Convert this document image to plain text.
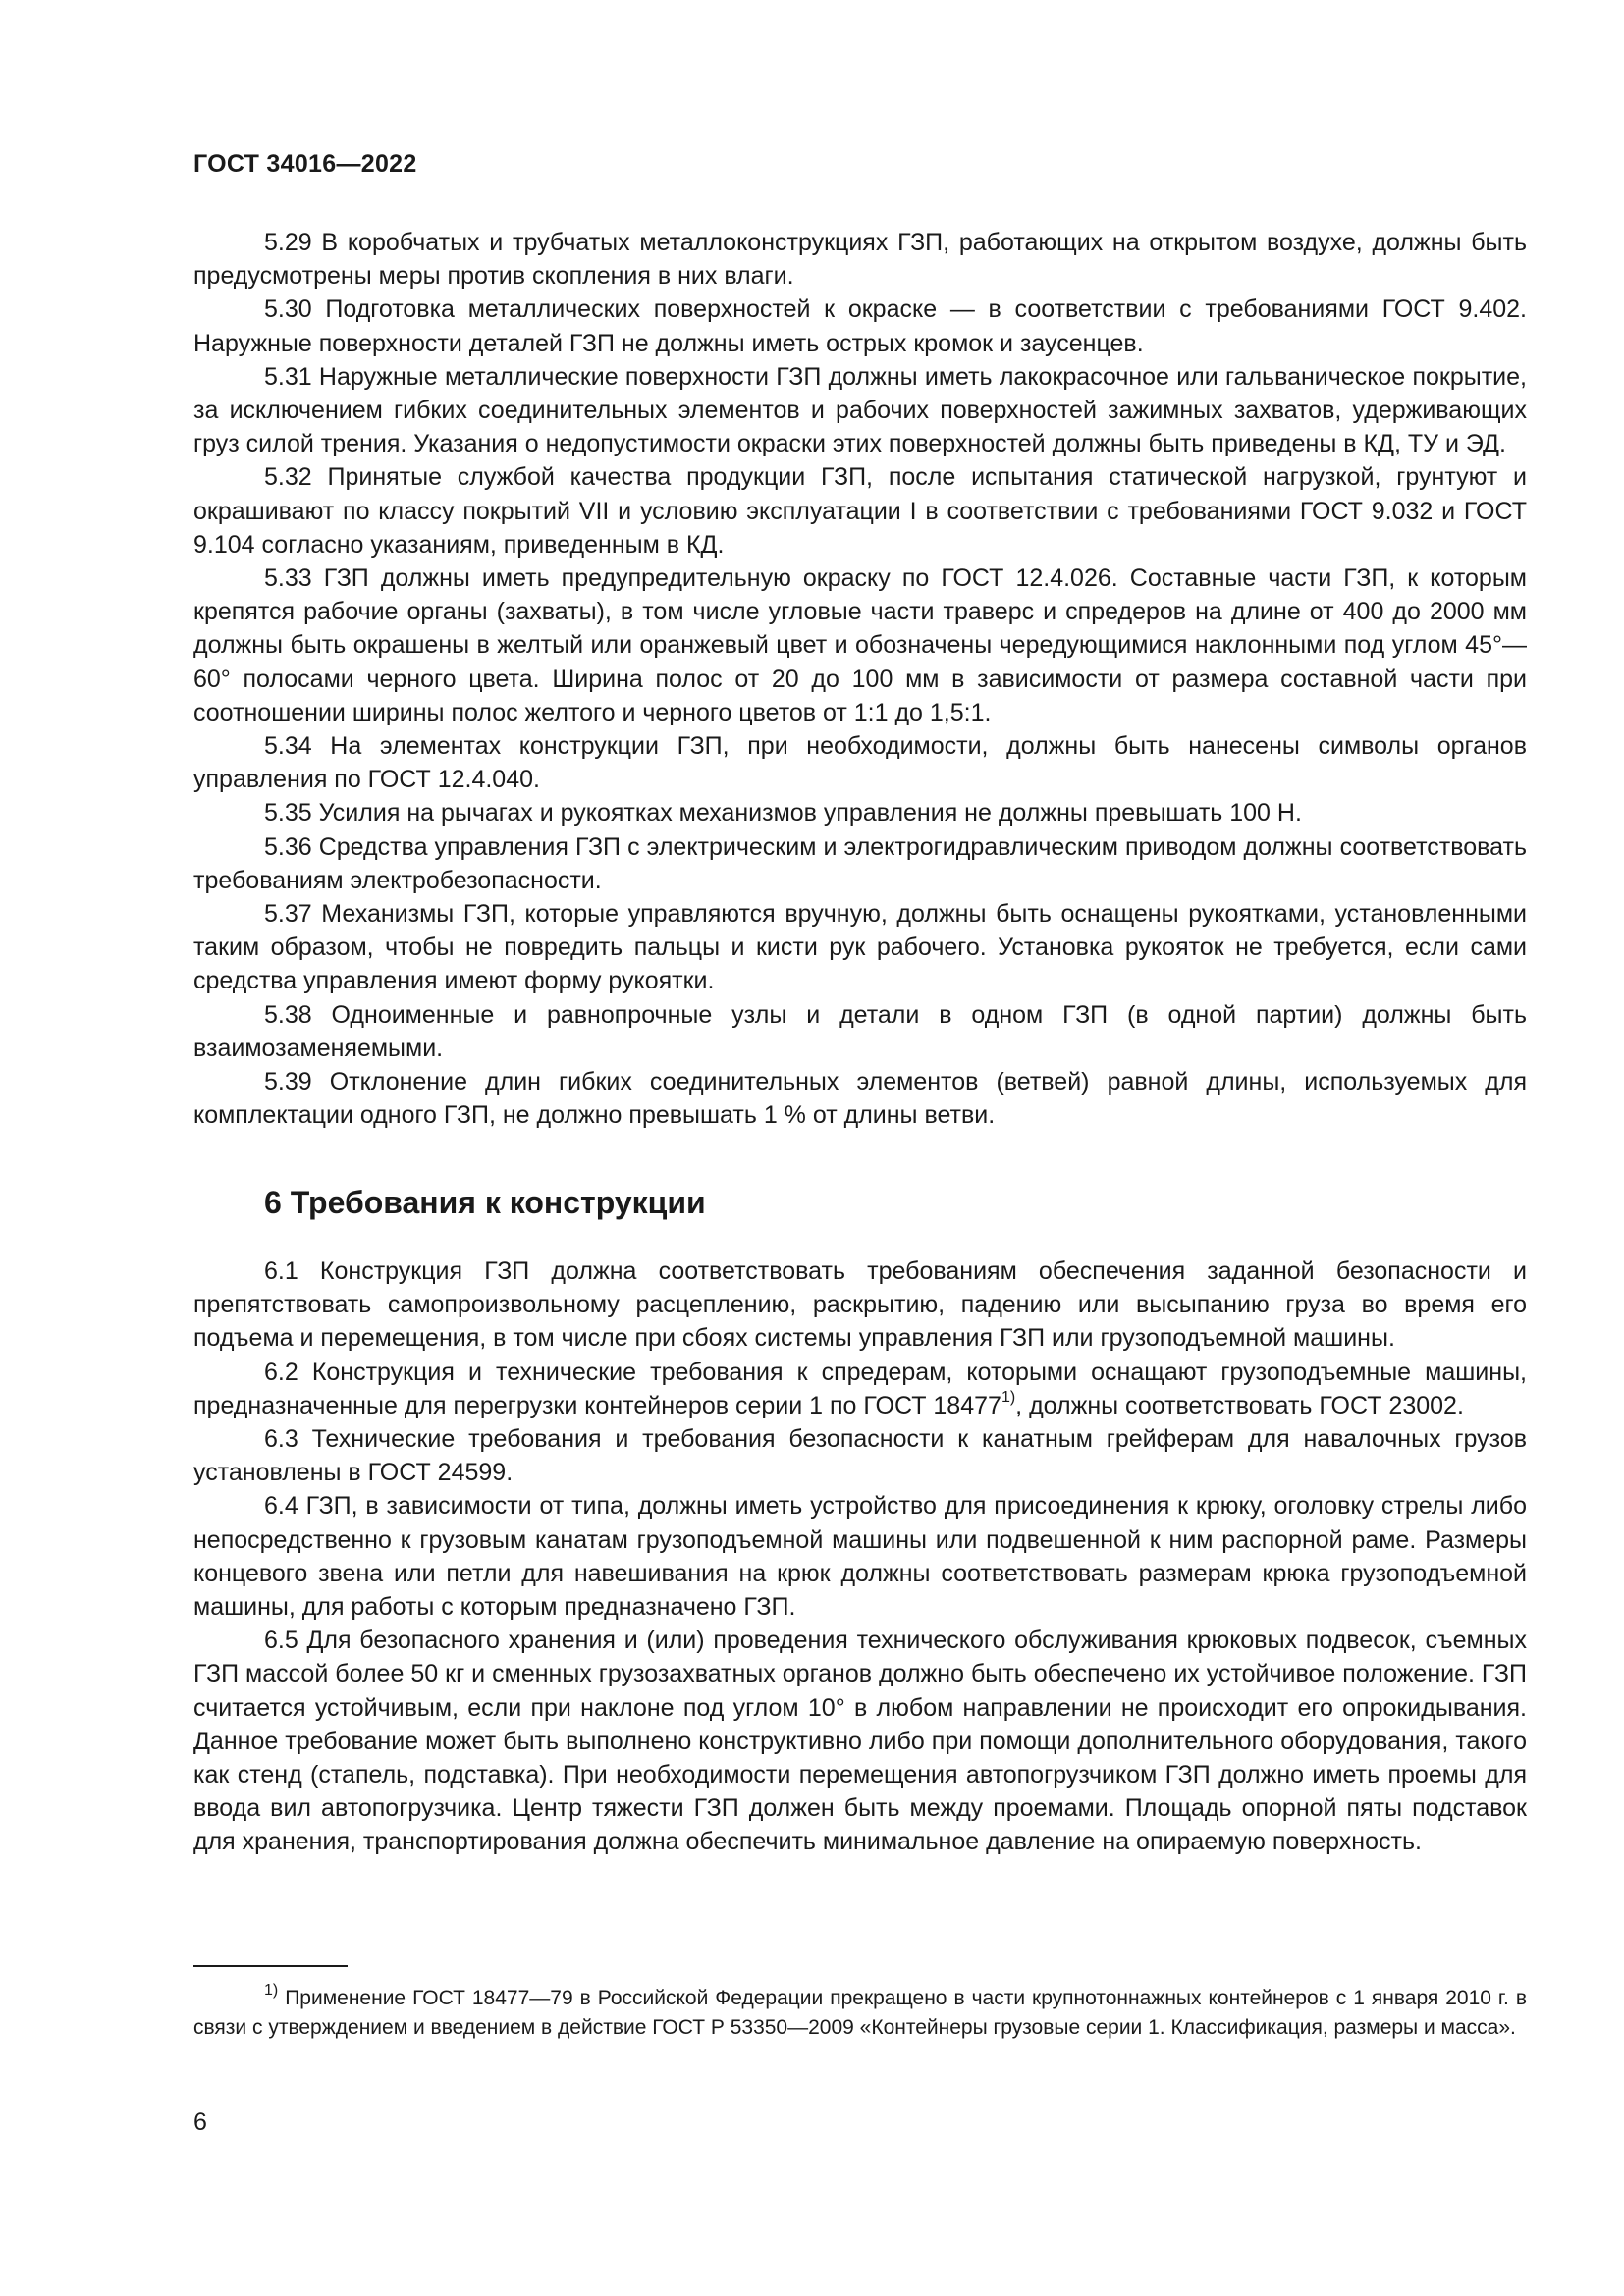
ГОСТ 34016—2022

5.29 В коробчатых и трубчатых металлоконструкциях ГЗП, работающих на открытом воздухе, должны быть предусмотрены меры против скопления в них влаги.

5.30 Подготовка металлических поверхностей к окраске — в соответствии с требованиями ГОСТ 9.402. Наружные поверхности деталей ГЗП не должны иметь острых кромок и заусенцев.

5.31 Наружные металлические поверхности ГЗП должны иметь лакокрасочное или гальваническое покрытие, за исключением гибких соединительных элементов и рабочих поверхностей зажимных захватов, удерживающих груз силой трения. Указания о недопустимости окраски этих поверхностей должны быть приведены в КД, ТУ и ЭД.

5.32 Принятые службой качества продукции ГЗП, после испытания статической нагрузкой, грунтуют и окрашивают по классу покрытий VII и условию эксплуатации I в соответствии с требованиями ГОСТ 9.032 и ГОСТ 9.104 согласно указаниям, приведенным в КД.

5.33 ГЗП должны иметь предупредительную окраску по ГОСТ 12.4.026. Составные части ГЗП, к которым крепятся рабочие органы (захваты), в том числе угловые части траверс и спредеров на длине от 400 до 2000 мм должны быть окрашены в желтый или оранжевый цвет и обозначены чередующимися наклонными под углом 45°— 60° полосами черного цвета. Ширина полос от 20 до 100 мм в зависимости от размера составной части при соотношении ширины полос желтого и черного цветов от 1:1 до 1,5:1.

5.34 На элементах конструкции ГЗП, при необходимости, должны быть нанесены символы органов управления по ГОСТ 12.4.040.

5.35 Усилия на рычагах и рукоятках механизмов управления не должны превышать 100 Н.

5.36 Средства управления ГЗП с электрическим и электрогидравлическим приводом должны соответствовать требованиям электробезопасности.

5.37 Механизмы ГЗП, которые управляются вручную, должны быть оснащены рукоятками, установленными таким образом, чтобы не повредить пальцы и кисти рук рабочего. Установка рукояток не требуется, если сами средства управления имеют форму рукоятки.

5.38 Одноименные и равнопрочные узлы и детали в одном ГЗП (в одной партии) должны быть взаимозаменяемыми.

5.39 Отклонение длин гибких соединительных элементов (ветвей) равной длины, используемых для комплектации одного ГЗП, не должно превышать 1 % от длины ветви.

6 Требования к конструкции

6.1 Конструкция ГЗП должна соответствовать требованиям обеспечения заданной безопасности и препятствовать самопроизвольному расцеплению, раскрытию, падению или высыпанию груза во время его подъема и перемещения, в том числе при сбоях системы управления ГЗП или грузоподъемной машины.

6.2 Конструкция и технические требования к спредерам, которыми оснащают грузоподъемные машины, предназначенные для перегрузки контейнеров серии 1 по ГОСТ 18477$^{1)}$, должны соответствовать ГОСТ 23002.

6.3 Технические требования и требования безопасности к канатным грейферам для навалочных грузов установлены в ГОСТ 24599.

6.4 ГЗП, в зависимости от типа, должны иметь устройство для присоединения к крюку, оголовку стрелы либо непосредственно к грузовым канатам грузоподъемной машины или подвешенной к ним распорной раме. Размеры концевого звена или петли для навешивания на крюк должны соответствовать размерам крюка грузоподъемной машины, для работы с которым предназначено ГЗП.

6.5 Для безопасного хранения и (или) проведения технического обслуживания крюковых подвесок, съемных ГЗП массой более 50 кг и сменных грузозахватных органов должно быть обеспечено их устойчивое положение. ГЗП считается устойчивым, если при наклоне под углом 10° в любом направлении не происходит его опрокидывания. Данное требование может быть выполнено конструктивно либо при помощи дополнительного оборудования, такого как стенд (стапель, подставка). При необходимости перемещения автопогрузчиком ГЗП должно иметь проемы для ввода вил автопогрузчика. Центр тяжести ГЗП должен быть между проемами. Площадь опорной пяты подставок для хранения, транспортирования должна обеспечить минимальное давление на опираемую поверхность.

$^{1)}$ Применение ГОСТ 18477—79 в Российской Федерации прекращено в части крупнотоннажных контейнеров с 1 января 2010 г. в связи с утверждением и введением в действие ГОСТ Р 53350—2009 «Контейнеры грузовые серии 1. Классификация, размеры и масса».

6
